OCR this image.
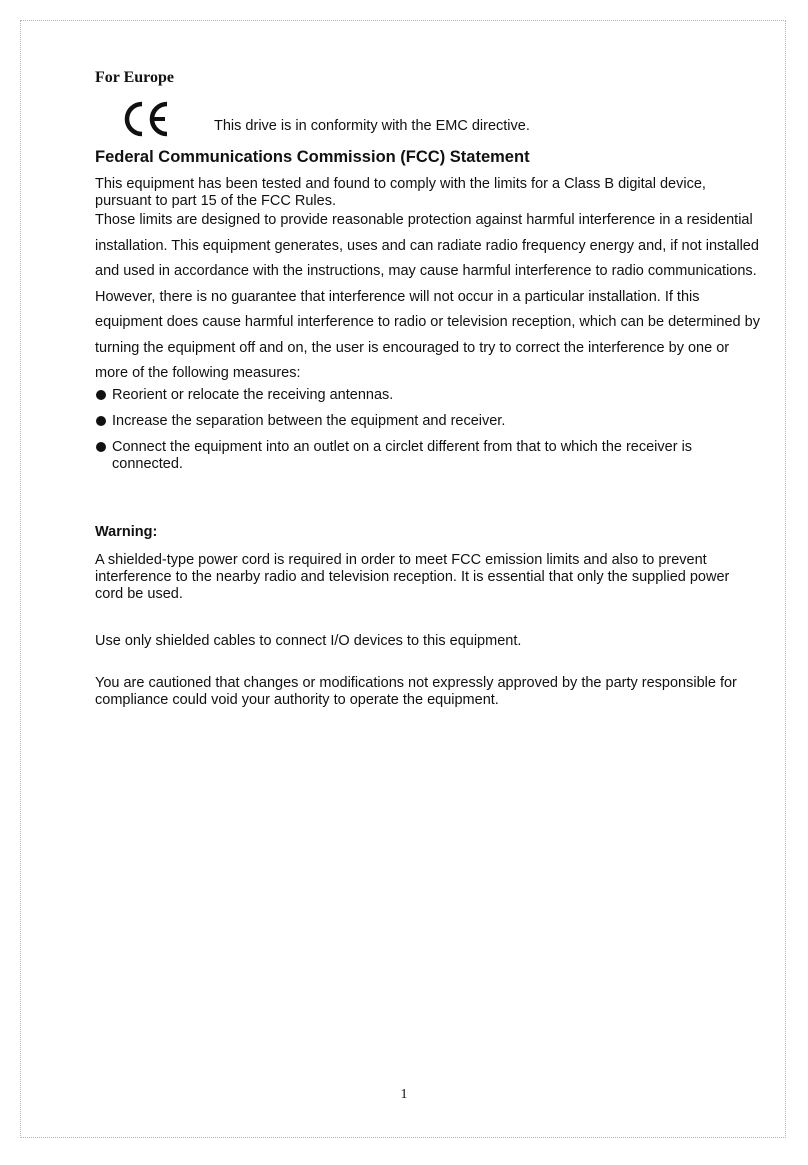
For Europe
This drive is in conformity with the EMC directive.
Federal Communications Commission (FCC) Statement

This equipment has been tested and found to comply with the limits for a Class B digital device, pursuant to part 15 of the FCC Rules.

Those limits are designed to provide reasonable protection against harmful interference in a residential installation. This equipment generates, uses and can radiate radio frequency energy and, if not installed and used in accordance with the instructions, may cause harmful interference to radio communications. However, there is no guarantee that interference will not occur in a particular installation. If this equipment does cause harmful interference to radio or television reception, which can be determined by turning the equipment off and on, the user is encouraged to try to correct the interference by one or more of the following measures:

Reorient or relocate the receiving antennas.
Increase the separation between the equipment and receiver.
Connect the equipment into an outlet on a circlet different from that to which the receiver is connected.
Warning:

A shielded-type power cord is required in order to meet FCC emission limits and also to prevent interference to the nearby radio and television reception. It is essential that only the supplied power cord be used.

Use only shielded cables to connect I/O devices to this equipment.

You are cautioned that changes or modifications not expressly approved by the party responsible for compliance could void your authority to operate the equipment.

1
